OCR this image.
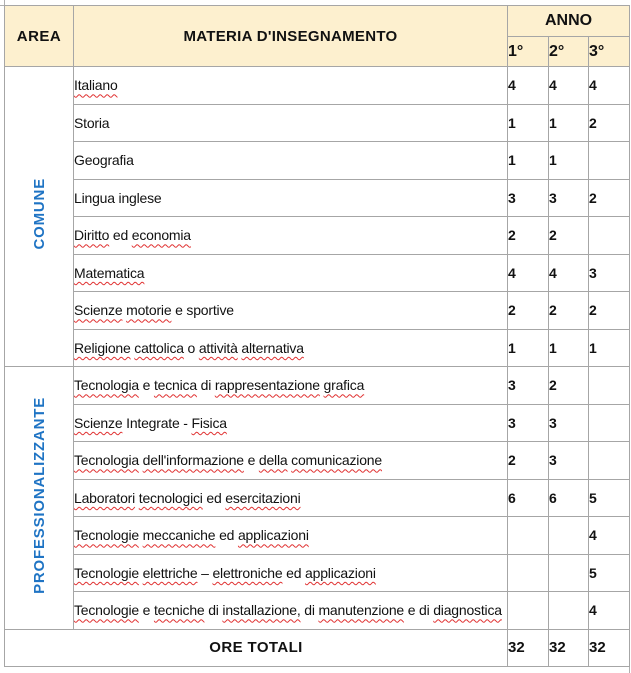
AREA	MATERIA D'INSEGNAMENTO	ANNO		
		1°	2°	3°
COMUNE	Italiano	4	4	4
	Storia	1	1	2
	Geografia	1	1	
	Lingua inglese	3	3	2
	Diritto ed economia	2	2	
	Matematica	4	4	3
	Scienze motorie e sportive	2	2	2
	Religione cattolica o attività alternativa	1	1	1
PROFESSIONALIZZANTE	Tecnologia e tecnica di rappresentazione grafica	3	2	
	Scienze Integrate - Fisica	3	3	
	Tecnologia dell'informazione e della comunicazione	2	3	
	Laboratori tecnologici ed esercitazioni	6	6	5
	Tecnologie meccaniche ed applicazioni			4
	Tecnologie elettriche – elettroniche ed applicazioni			5
	Tecnologie e tecniche di installazione, di manutenzione e di diagnostica			4
ORE TOTALI		32	32	32
